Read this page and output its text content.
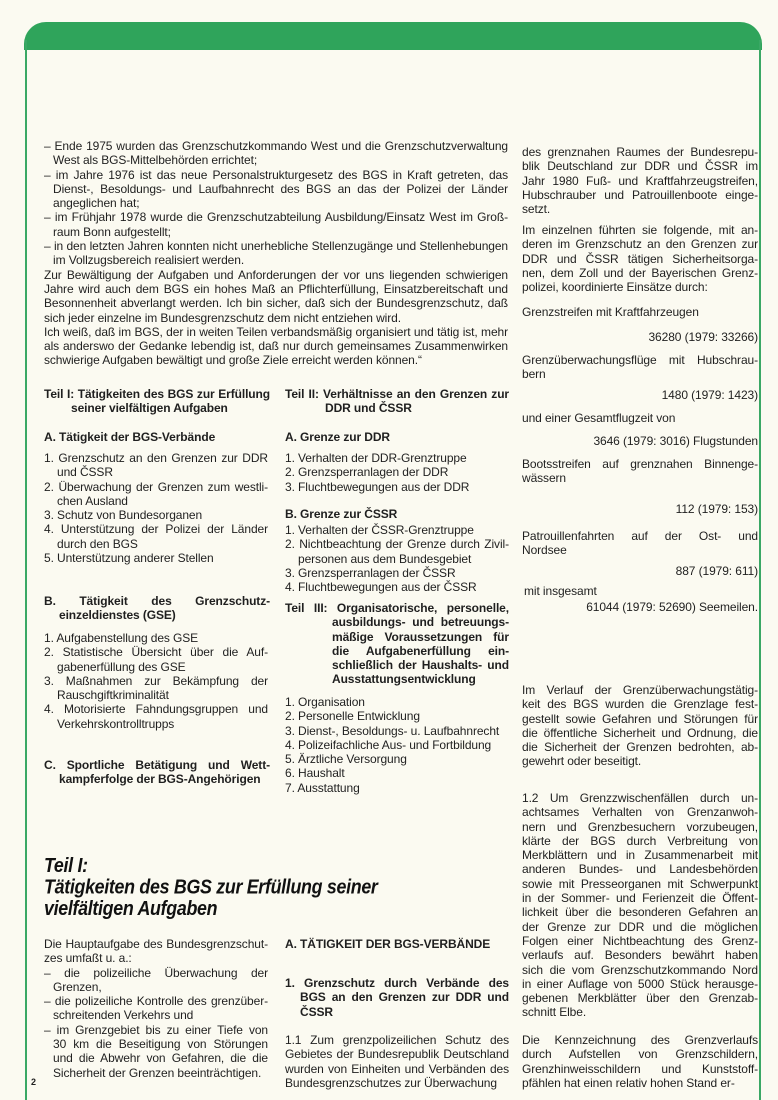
– Ende 1975 wurden das Grenzschutzkommando West und die Grenzschutzverwaltung
West als BGS-Mittelbehörden errichtet;
– im Jahre 1976 ist das neue Personalstrukturgesetz des BGS in Kraft getreten, das
Dienst-, Besoldungs- und Laufbahnrecht des BGS an das der Polizei der Länder
angeglichen hat;
– im Frühjahr 1978 wurde die Grenzschutzabteilung Ausbildung/Einsatz West im Groß-
raum Bonn aufgestellt;
– in den letzten Jahren konnten nicht unerhebliche Stellenzugänge und Stellenhebungen
im Vollzugsbereich realisiert werden.
Zur Bewältigung der Aufgaben und Anforderungen der vor uns liegenden schwierigen
Jahre wird auch dem BGS ein hohes Maß an Pflichterfüllung, Einsatzbereitschaft und
Besonnenheit abverlangt werden. Ich bin sicher, daß sich der Bundesgrenzschutz, daß
sich jeder einzelne im Bundesgrenzschutz dem nicht entziehen wird.
Ich weiß, daß im BGS, der in weiten Teilen verbandsmäßig organisiert und tätig ist, mehr
als anderswo der Gedanke lebendig ist, daß nur durch gemeinsames Zusammenwirken
schwierige Aufgaben bewältigt und große Ziele erreicht werden können.“
Teil I: Tätigkeiten des BGS zur Erfüllung
seiner vielfältigen Aufgaben
A. Tätigkeit der BGS-Verbände
1. Grenzschutz an den Grenzen zur DDR
und ČSSR
2. Überwachung der Grenzen zum westli-
chen Ausland
3. Schutz von Bundesorganen
4. Unterstützung der Polizei der Länder
durch den BGS
5. Unterstützung anderer Stellen
B. Tätigkeit des Grenzschutz-
einzeldienstes (GSE)
1. Aufgabenstellung des GSE
2. Statistische Übersicht über die Auf-
gabenerfüllung des GSE
3. Maßnahmen zur Bekämpfung der
Rauschgiftkriminalität
4. Motorisierte Fahndungsgruppen und
Verkehrskontrolltrupps
C. Sportliche Betätigung und Wett-
kampferfolge der BGS-Angehörigen
Teil II: Verhältnisse an den Grenzen zur
DDR und ČSSR
A. Grenze zur DDR
1. Verhalten der DDR-Grenztruppe
2. Grenzsperranlagen der DDR
3. Fluchtbewegungen aus der DDR
B. Grenze zur ČSSR
1. Verhalten der ČSSR-Grenztruppe
2. Nichtbeachtung der Grenze durch Zivil-
personen aus dem Bundesgebiet
3. Grenzsperranlagen der ČSSR
4. Fluchtbewegungen aus der ČSSR
Teil III: Organisatorische, personelle,
ausbildungs- und betreuungs-
mäßige Voraussetzungen für
die Aufgabenerfüllung ein-
schließlich der Haushalts- und
Ausstattungsentwicklung
1. Organisation
2. Personelle Entwicklung
3. Dienst-, Besoldungs- u. Laufbahnrecht
4. Polizeifachliche Aus- und Fortbildung
5. Ärztliche Versorgung
6. Haushalt
7. Ausstattung
des grenznahen Raumes der Bundesrepu-
blik Deutschland zur DDR und ČSSR im
Jahr 1980 Fuß- und Kraftfahrzeugstreifen,
Hubschrauber und Patrouillenboote einge-
setzt.
Im einzelnen führten sie folgende, mit an-
deren im Grenzschutz an den Grenzen zur
DDR und ČSSR tätigen Sicherheitsorga-
nen, dem Zoll und der Bayerischen Grenz-
polizei, koordinierte Einsätze durch:
Grenzstreifen mit Kraftfahrzeugen
36280 (1979: 33266)
Grenzüberwachungsflüge mit Hubschrau-
bern
1480 (1979: 1423)
und einer Gesamtflugzeit von
3646 (1979: 3016) Flugstunden
Bootsstreifen auf grenznahen Binnenge-
wässern
112 (1979: 153)
Patrouillenfahrten auf der Ost- und
Nordsee
887 (1979: 611)
mit insgesamt
61044 (1979: 52690) Seemeilen.
Im Verlauf der Grenzüberwachungstätig-
keit des BGS wurden die Grenzlage fest-
gestellt sowie Gefahren und Störungen für
die öffentliche Sicherheit und Ordnung, die
die Sicherheit der Grenzen bedrohten, ab-
gewehrt oder beseitigt.
1.2 Um Grenzzwischenfällen durch un-
achtsames Verhalten von Grenzanwoh-
nern und Grenzbesuchern vorzubeugen,
klärte der BGS durch Verbreitung von
Merkblättern und in Zusammenarbeit mit
anderen Bundes- und Landesbehörden
sowie mit Presseorganen mit Schwerpunkt
in der Sommer- und Ferienzeit die Öffent-
lichkeit über die besonderen Gefahren an
der Grenze zur DDR und die möglichen
Folgen einer Nichtbeachtung des Grenz-
verlaufs auf. Besonders bewährt haben
sich die vom Grenzschutzkommando Nord
in einer Auflage von 5000 Stück herausge-
gebenen Merkblätter über den Grenzab-
schnitt Elbe.
Die Kennzeichnung des Grenzverlaufs
durch Aufstellen von Grenzschildern,
Grenzhinweisschildern und Kunststoff-
pfählen hat einen relativ hohen Stand er-
Teil I:
Tätigkeiten des BGS zur Erfüllung seiner
vielfältigen Aufgaben
Die Hauptaufgabe des Bundesgrenzschut-
zes umfaßt u. a.:
– die polizeiliche Überwachung der
Grenzen,
– die polizeiliche Kontrolle des grenzüber-
schreitenden Verkehrs und
– im Grenzgebiet bis zu einer Tiefe von
30 km die Beseitigung von Störungen
und die Abwehr von Gefahren, die die
Sicherheit der Grenzen beeinträchtigen.
A. TÄTIGKEIT DER BGS-VERBÄNDE
1. Grenzschutz durch Verbände des
BGS an den Grenzen zur DDR und
ČSSR
1.1 Zum grenzpolizeilichen Schutz des
Gebietes der Bundesrepublik Deutschland
wurden von Einheiten und Verbänden des
Bundesgrenzschutzes zur Überwachung
2
